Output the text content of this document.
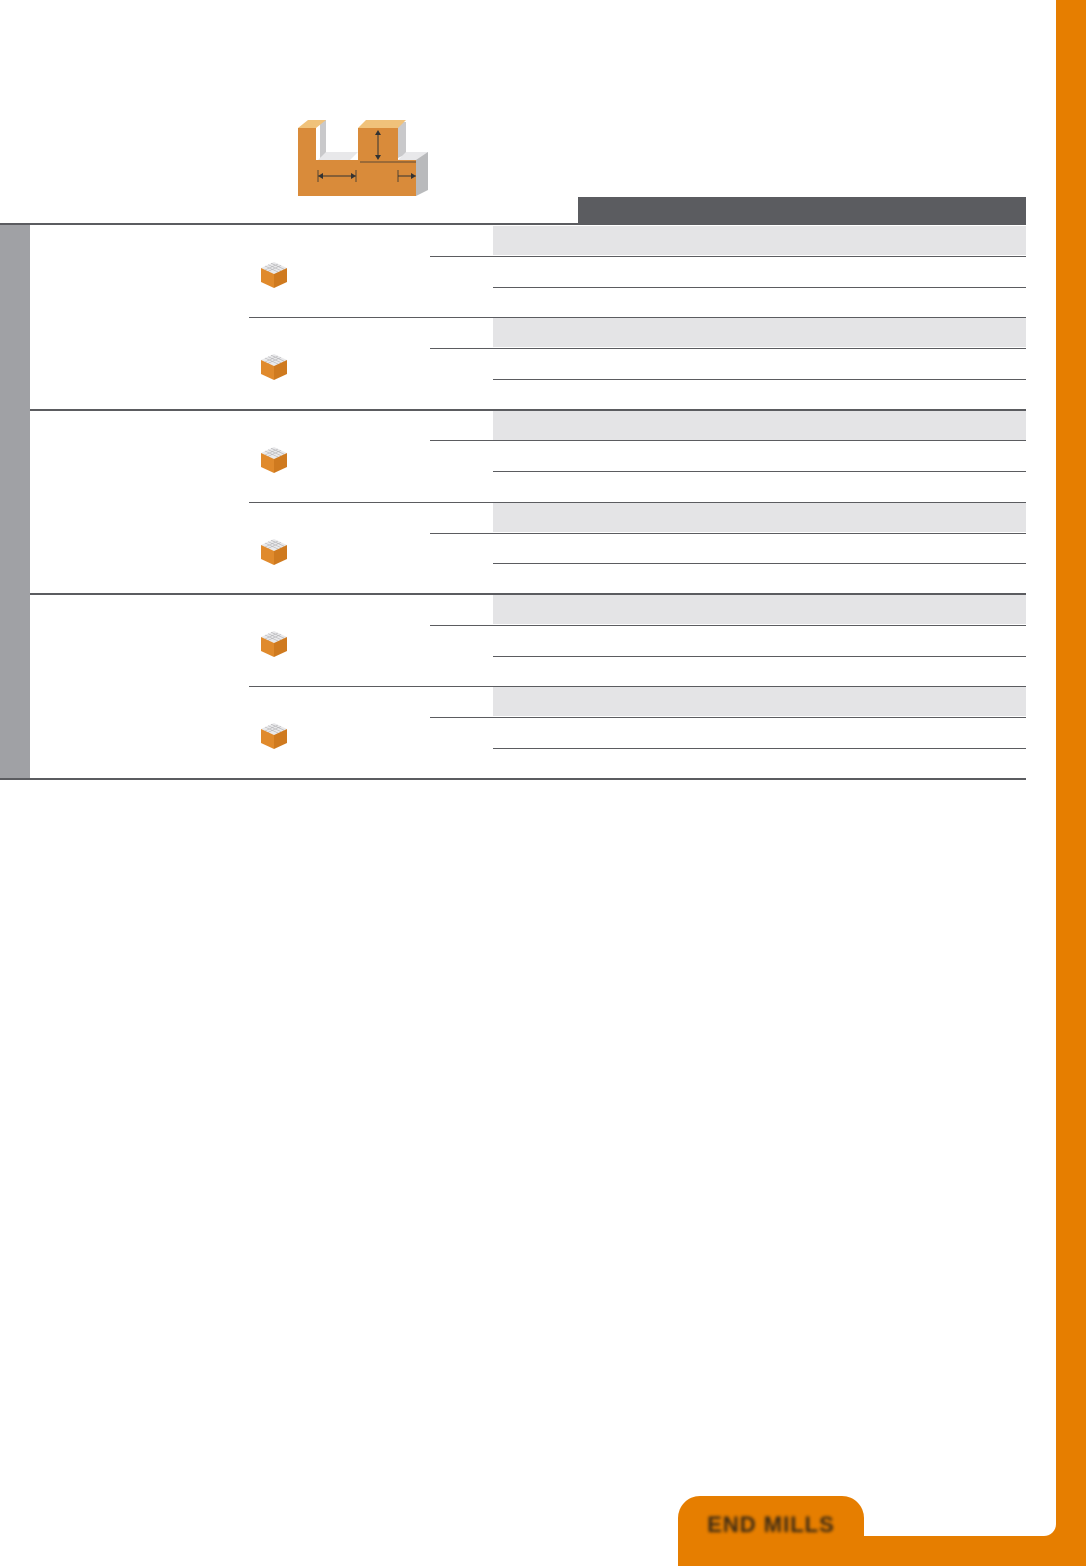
END MILLS
